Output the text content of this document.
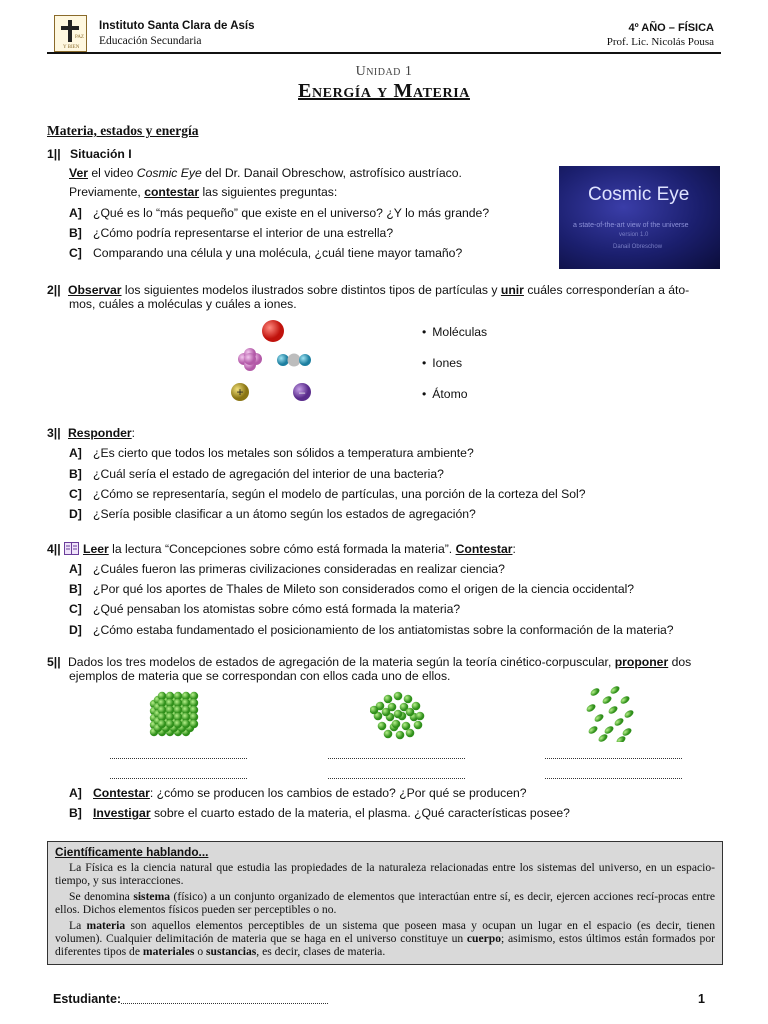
PAZ
Y BIEN
Instituto Santa Clara de Asís
Educación Secundaria
4º AÑO – FÍSICA
Prof. Lic. Nicolás Pousa
Unidad 1
Energía y Materia
Materia, estados y energía
1|| Situación I
Ver el video Cosmic Eye del Dr. Danail Obreschow, astrofísico austríaco.
Previamente, contestar las siguientes preguntas:
A] ¿Qué es lo “más pequeño” que existe en el universo? ¿Y lo más grande?
B] ¿Cómo podría representarse el interior de una estrella?
C] Comparando una célula y una molécula, ¿cuál tiene mayor tamaño?
Cosmic Eye
a state-of-the-art view of the universe
version 1.0
Danail Obreschow
2|| Observar los siguientes modelos ilustrados sobre distintos tipos de partículas y unir cuáles corresponderían a áto-
mos, cuáles a moléculas y cuáles a iones.
+	–
• Moléculas
• Iones
• Átomo
3|| Responder:
A] ¿Es cierto que todos los metales son sólidos a temperatura ambiente?
B] ¿Cuál sería el estado de agregación del interior de una bacteria?
C] ¿Cómo se representaría, según el modelo de partículas, una porción de la corteza del Sol?
D] ¿Sería posible clasificar a un átomo según los estados de agregación?
4|| Leer la lectura “Concepciones sobre cómo está formada la materia”. Contestar:
A] ¿Cuáles fueron las primeras civilizaciones consideradas en realizar ciencia?
B] ¿Por qué los aportes de Thales de Mileto son considerados como el origen de la ciencia occidental?
C] ¿Qué pensaban los atomistas sobre cómo está formada la materia?
D] ¿Cómo estaba fundamentado el posicionamiento de los antiatomistas sobre la conformación de la materia?
5|| Dados los tres modelos de estados de agregación de la materia según la teoría cinético-corpuscular, proponer dos
ejemplos de materia que se correspondan con ellos cada uno de ellos.
A] Contestar: ¿cómo se producen los cambios de estado? ¿Por qué se producen?
B] Investigar sobre el cuarto estado de la materia, el plasma. ¿Qué características posee?
Científicamente hablando...

La Física es la ciencia natural que estudia las propiedades de la naturaleza relacionadas entre los sistemas del universo, en un espacio-tiempo, y sus interacciones.

Se denomina sistema (físico) a un conjunto organizado de elementos que interactúan entre sí, es decir, ejercen acciones recí-procas entre ellos. Dichos elementos físicos pueden ser perceptibles o no.

La materia son aquellos elementos perceptibles de un sistema que poseen masa y ocupan un lugar en el espacio (es decir, tienen volumen). Cualquier delimitación de materia que se haga en el universo constituye un cuerpo; asimismo, estos últimos están formados por diferentes tipos de materiales o sustancias, es decir, clases de materia.

Estudiante:	1
